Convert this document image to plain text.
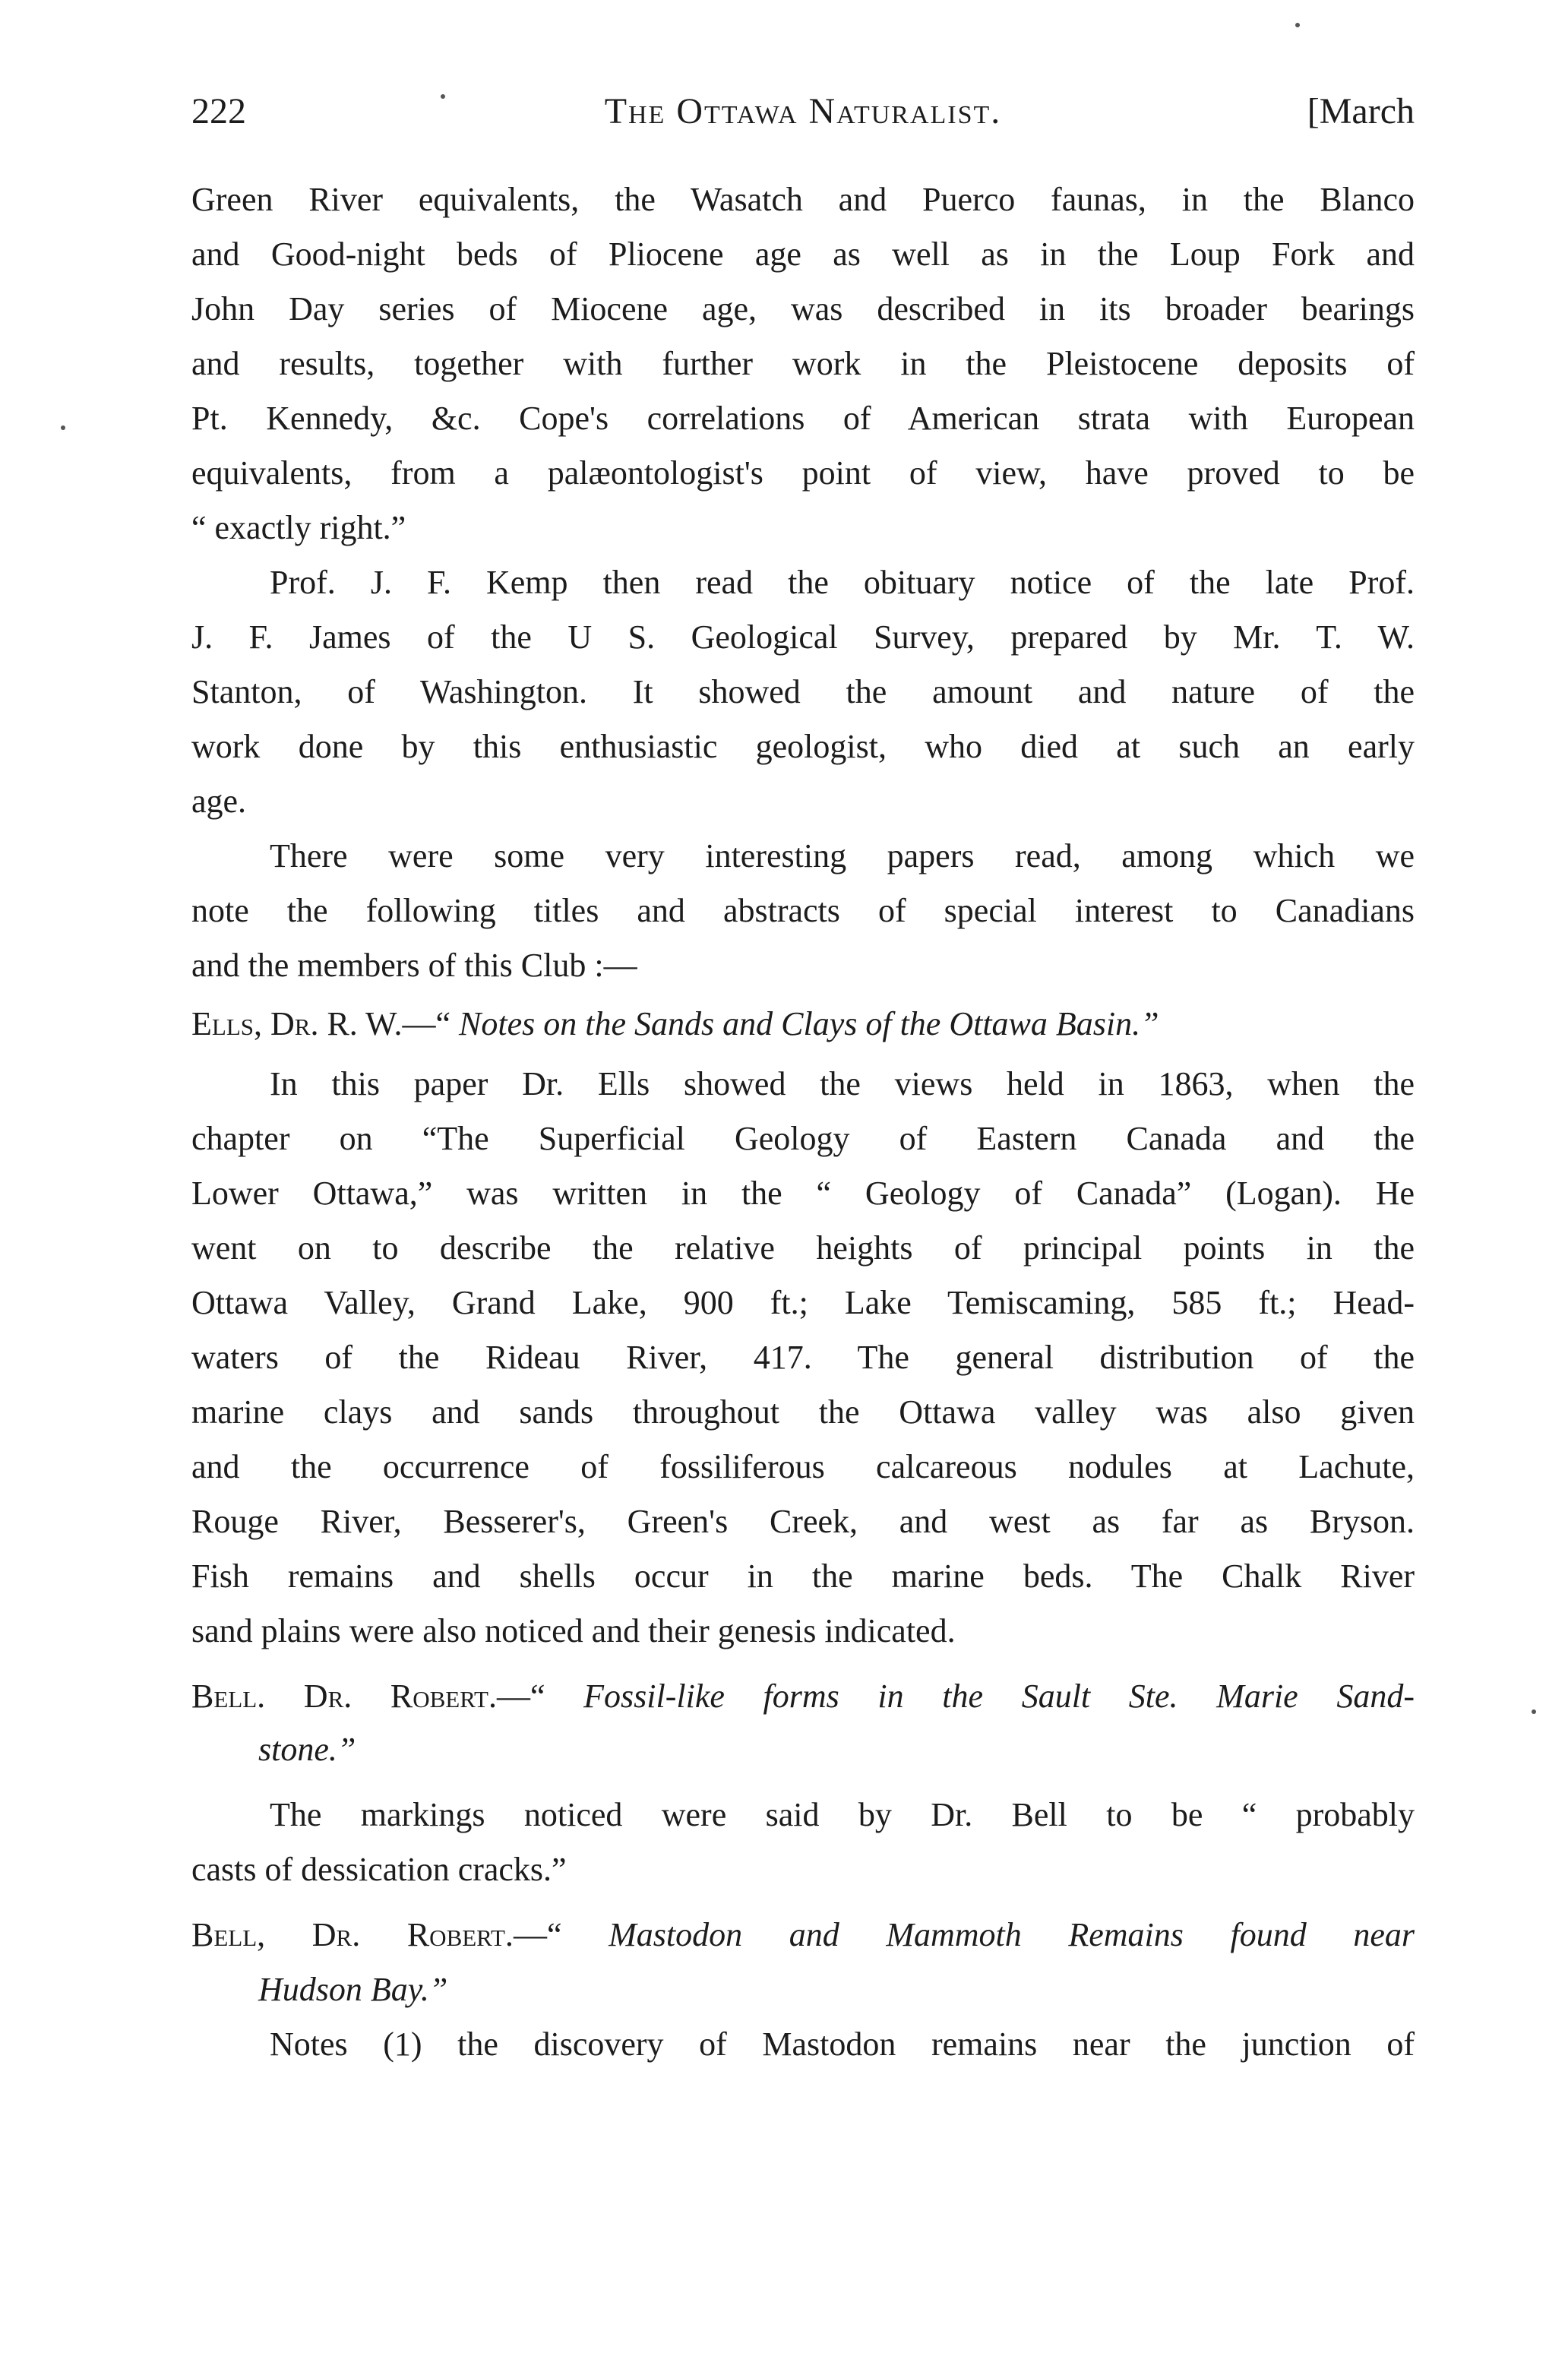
222	The Ottawa Naturalist.	[March
Green River equivalents, the Wasatch and Puerco faunas, in the Blanco
and Good-night beds of Pliocene age as well as in the Loup Fork and
John Day series of Miocene age, was described in its broader bearings
and results, together with further work in the Pleistocene deposits of
Pt. Kennedy, &c. Cope's correlations of American strata with European
equivalents, from a palæontologist's point of view, have proved to be
“ exactly right.”
Prof. J. F. Kemp then read the obituary notice of the late Prof.
J. F. James of the U S. Geological Survey, prepared by Mr. T. W.
Stanton, of Washington. It showed the amount and nature of the
work done by this enthusiastic geologist, who died at such an early
age.
There were some very interesting papers read, among which we
note the following titles and abstracts of special interest to Canadians
and the members of this Club :—
Ells, Dr. R. W.—“ Notes on the Sands and Clays of the Ottawa Basin.”
In this paper Dr. Ells showed the views held in 1863, when the
chapter on “The Superficial Geology of Eastern Canada and the
Lower Ottawa,” was written in the “ Geology of Canada” (Logan). He
went on to describe the relative heights of principal points in the
Ottawa Valley, Grand Lake, 900 ft.; Lake Temiscaming, 585 ft.; Head-
waters of the Rideau River, 417. The general distribution of the
marine clays and sands throughout the Ottawa valley was also given
and the occurrence of fossiliferous calcareous nodules at Lachute,
Rouge River, Besserer's, Green's Creek, and west as far as Bryson.
Fish remains and shells occur in the marine beds. The Chalk River
sand plains were also noticed and their genesis indicated.
Bell. Dr. Robert.—“ Fossil-like forms in the Sault Ste. Marie Sand-
stone.”
The markings noticed were said by Dr. Bell to be “ probably
casts of dessication cracks.”
Bell, Dr. Robert.—“ Mastodon and Mammoth Remains found near
Hudson Bay.”
Notes (1) the discovery of Mastodon remains near the junction of
